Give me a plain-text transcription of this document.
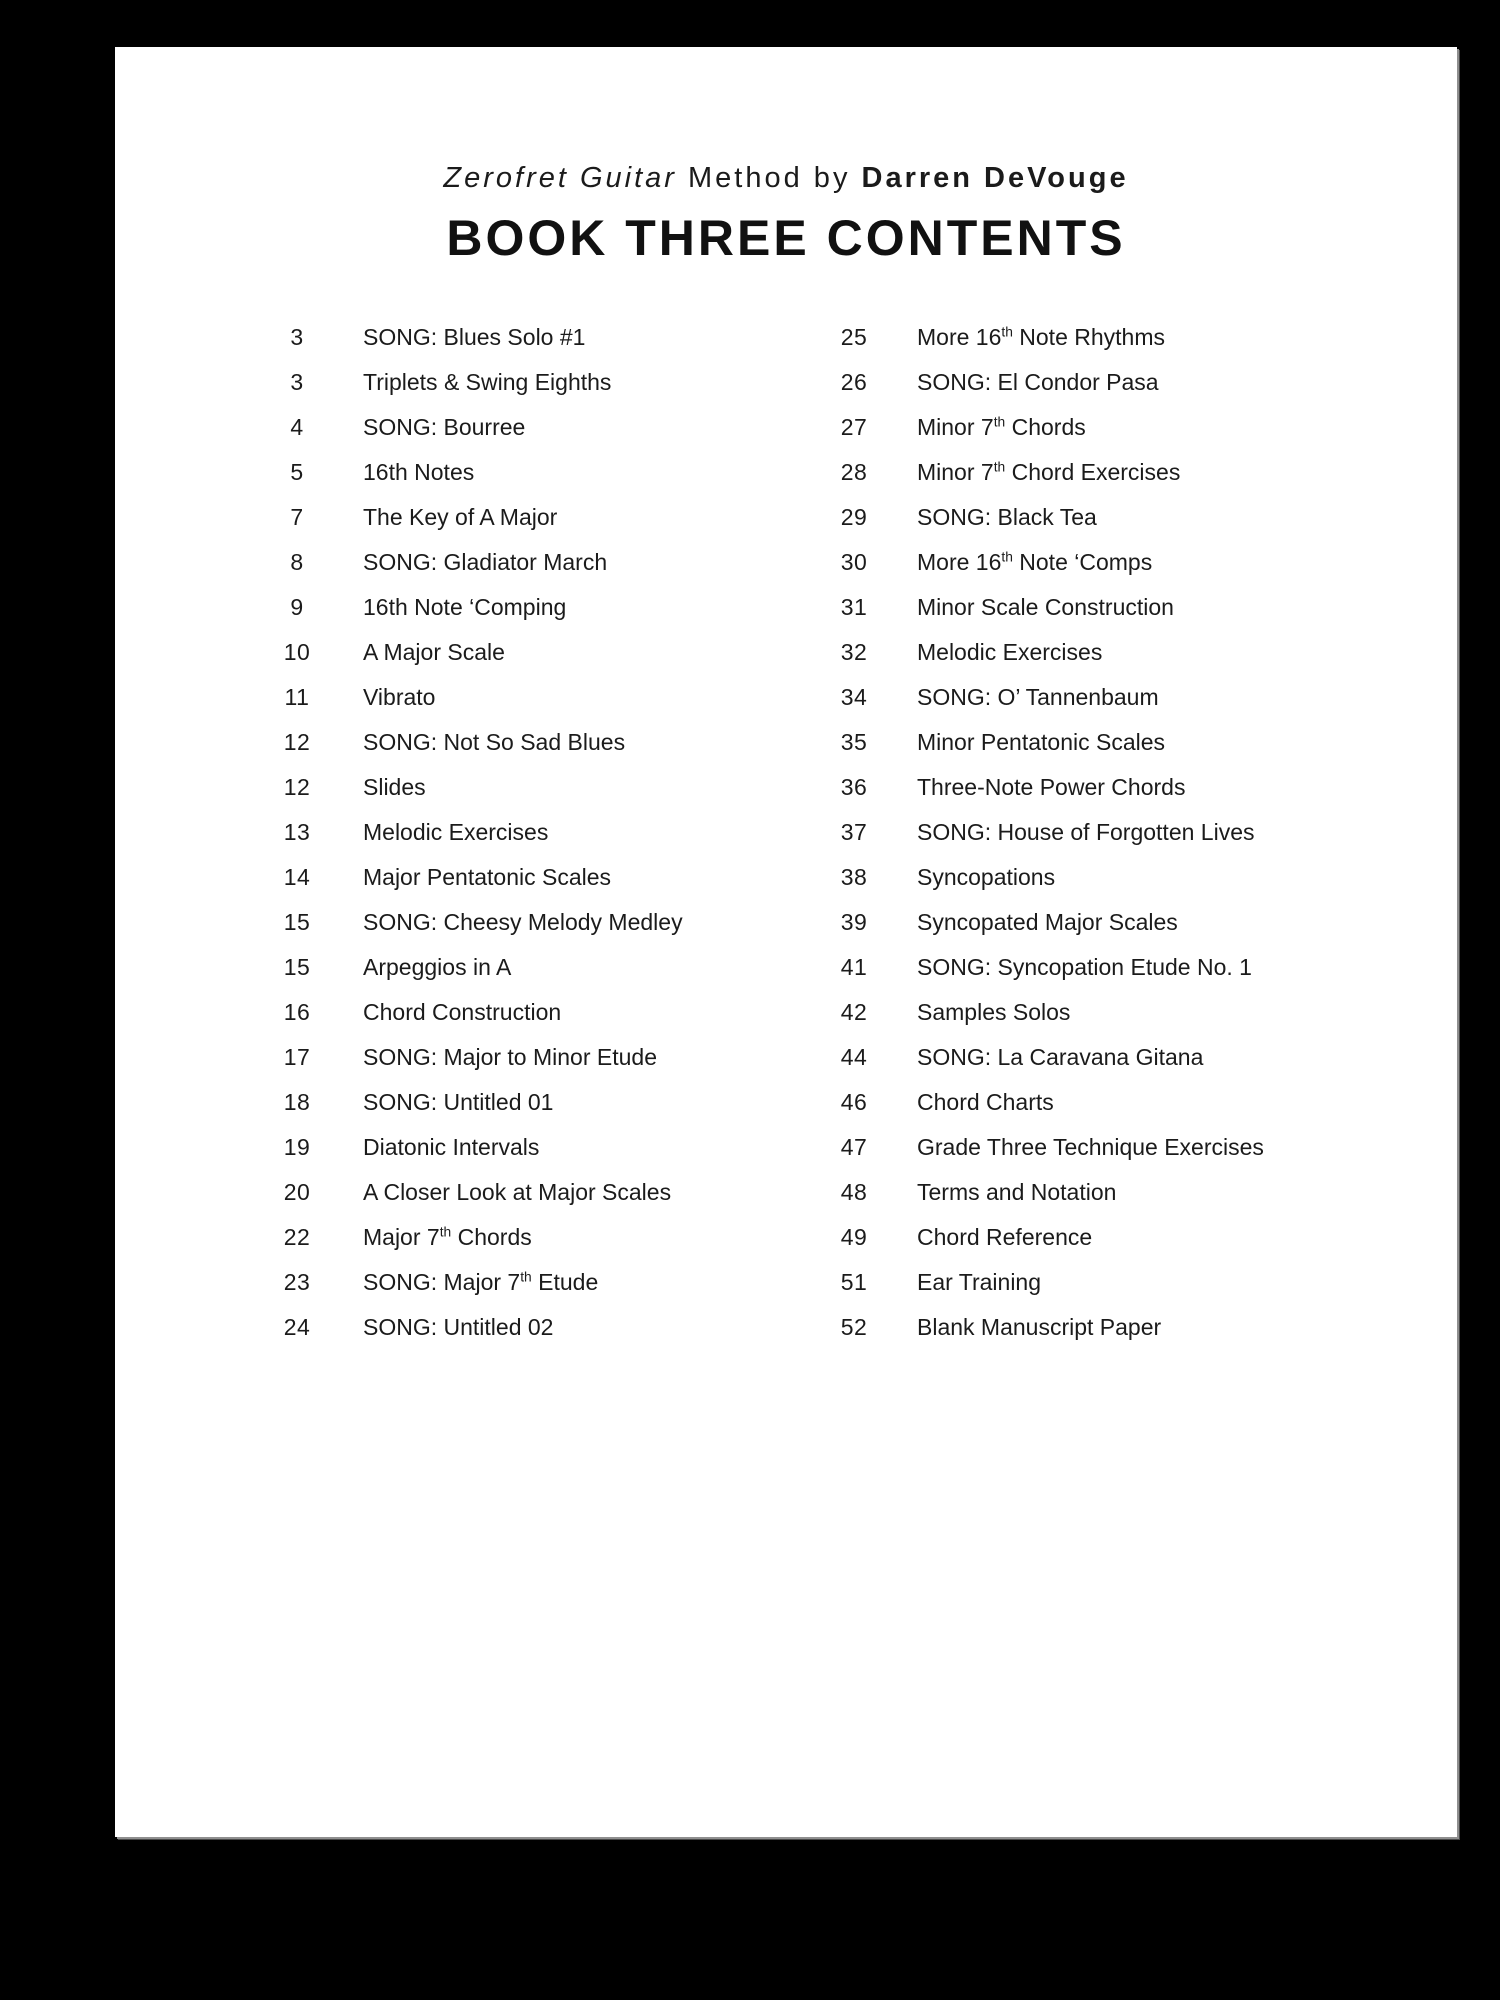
Zerofret Guitar Method by Darren DeVouge
BOOK THREE CONTENTS
3	SONG: Blues Solo #1
3	Triplets & Swing Eighths
4	SONG: Bourree
5	16th Notes
7	The Key of A Major
8	SONG: Gladiator March
9	16th Note ‘Comping
10	A Major Scale
11	Vibrato
12	SONG: Not So Sad Blues
12	Slides
13	Melodic Exercises
14	Major Pentatonic Scales
15	SONG: Cheesy Melody Medley
15	Arpeggios in A
16	Chord Construction
17	SONG: Major to Minor Etude
18	SONG: Untitled 01
19	Diatonic Intervals
20	A Closer Look at Major Scales
22	Major 7th Chords
23	SONG: Major 7th Etude
24	SONG: Untitled 02
25	More 16th Note Rhythms
26	SONG: El Condor Pasa
27	Minor 7th Chords
28	Minor 7th Chord Exercises
29	SONG: Black Tea
30	More 16th Note ‘Comps
31	Minor Scale Construction
32	Melodic Exercises
34	SONG: O’ Tannenbaum
35	Minor Pentatonic Scales
36	Three-Note Power Chords
37	SONG: House of Forgotten Lives
38	Syncopations
39	Syncopated Major Scales
41	SONG: Syncopation Etude No. 1
42	Samples Solos
44	SONG: La Caravana Gitana
46	Chord Charts
47	Grade Three Technique Exercises
48	Terms and Notation
49	Chord Reference
51	Ear Training
52	Blank Manuscript Paper
